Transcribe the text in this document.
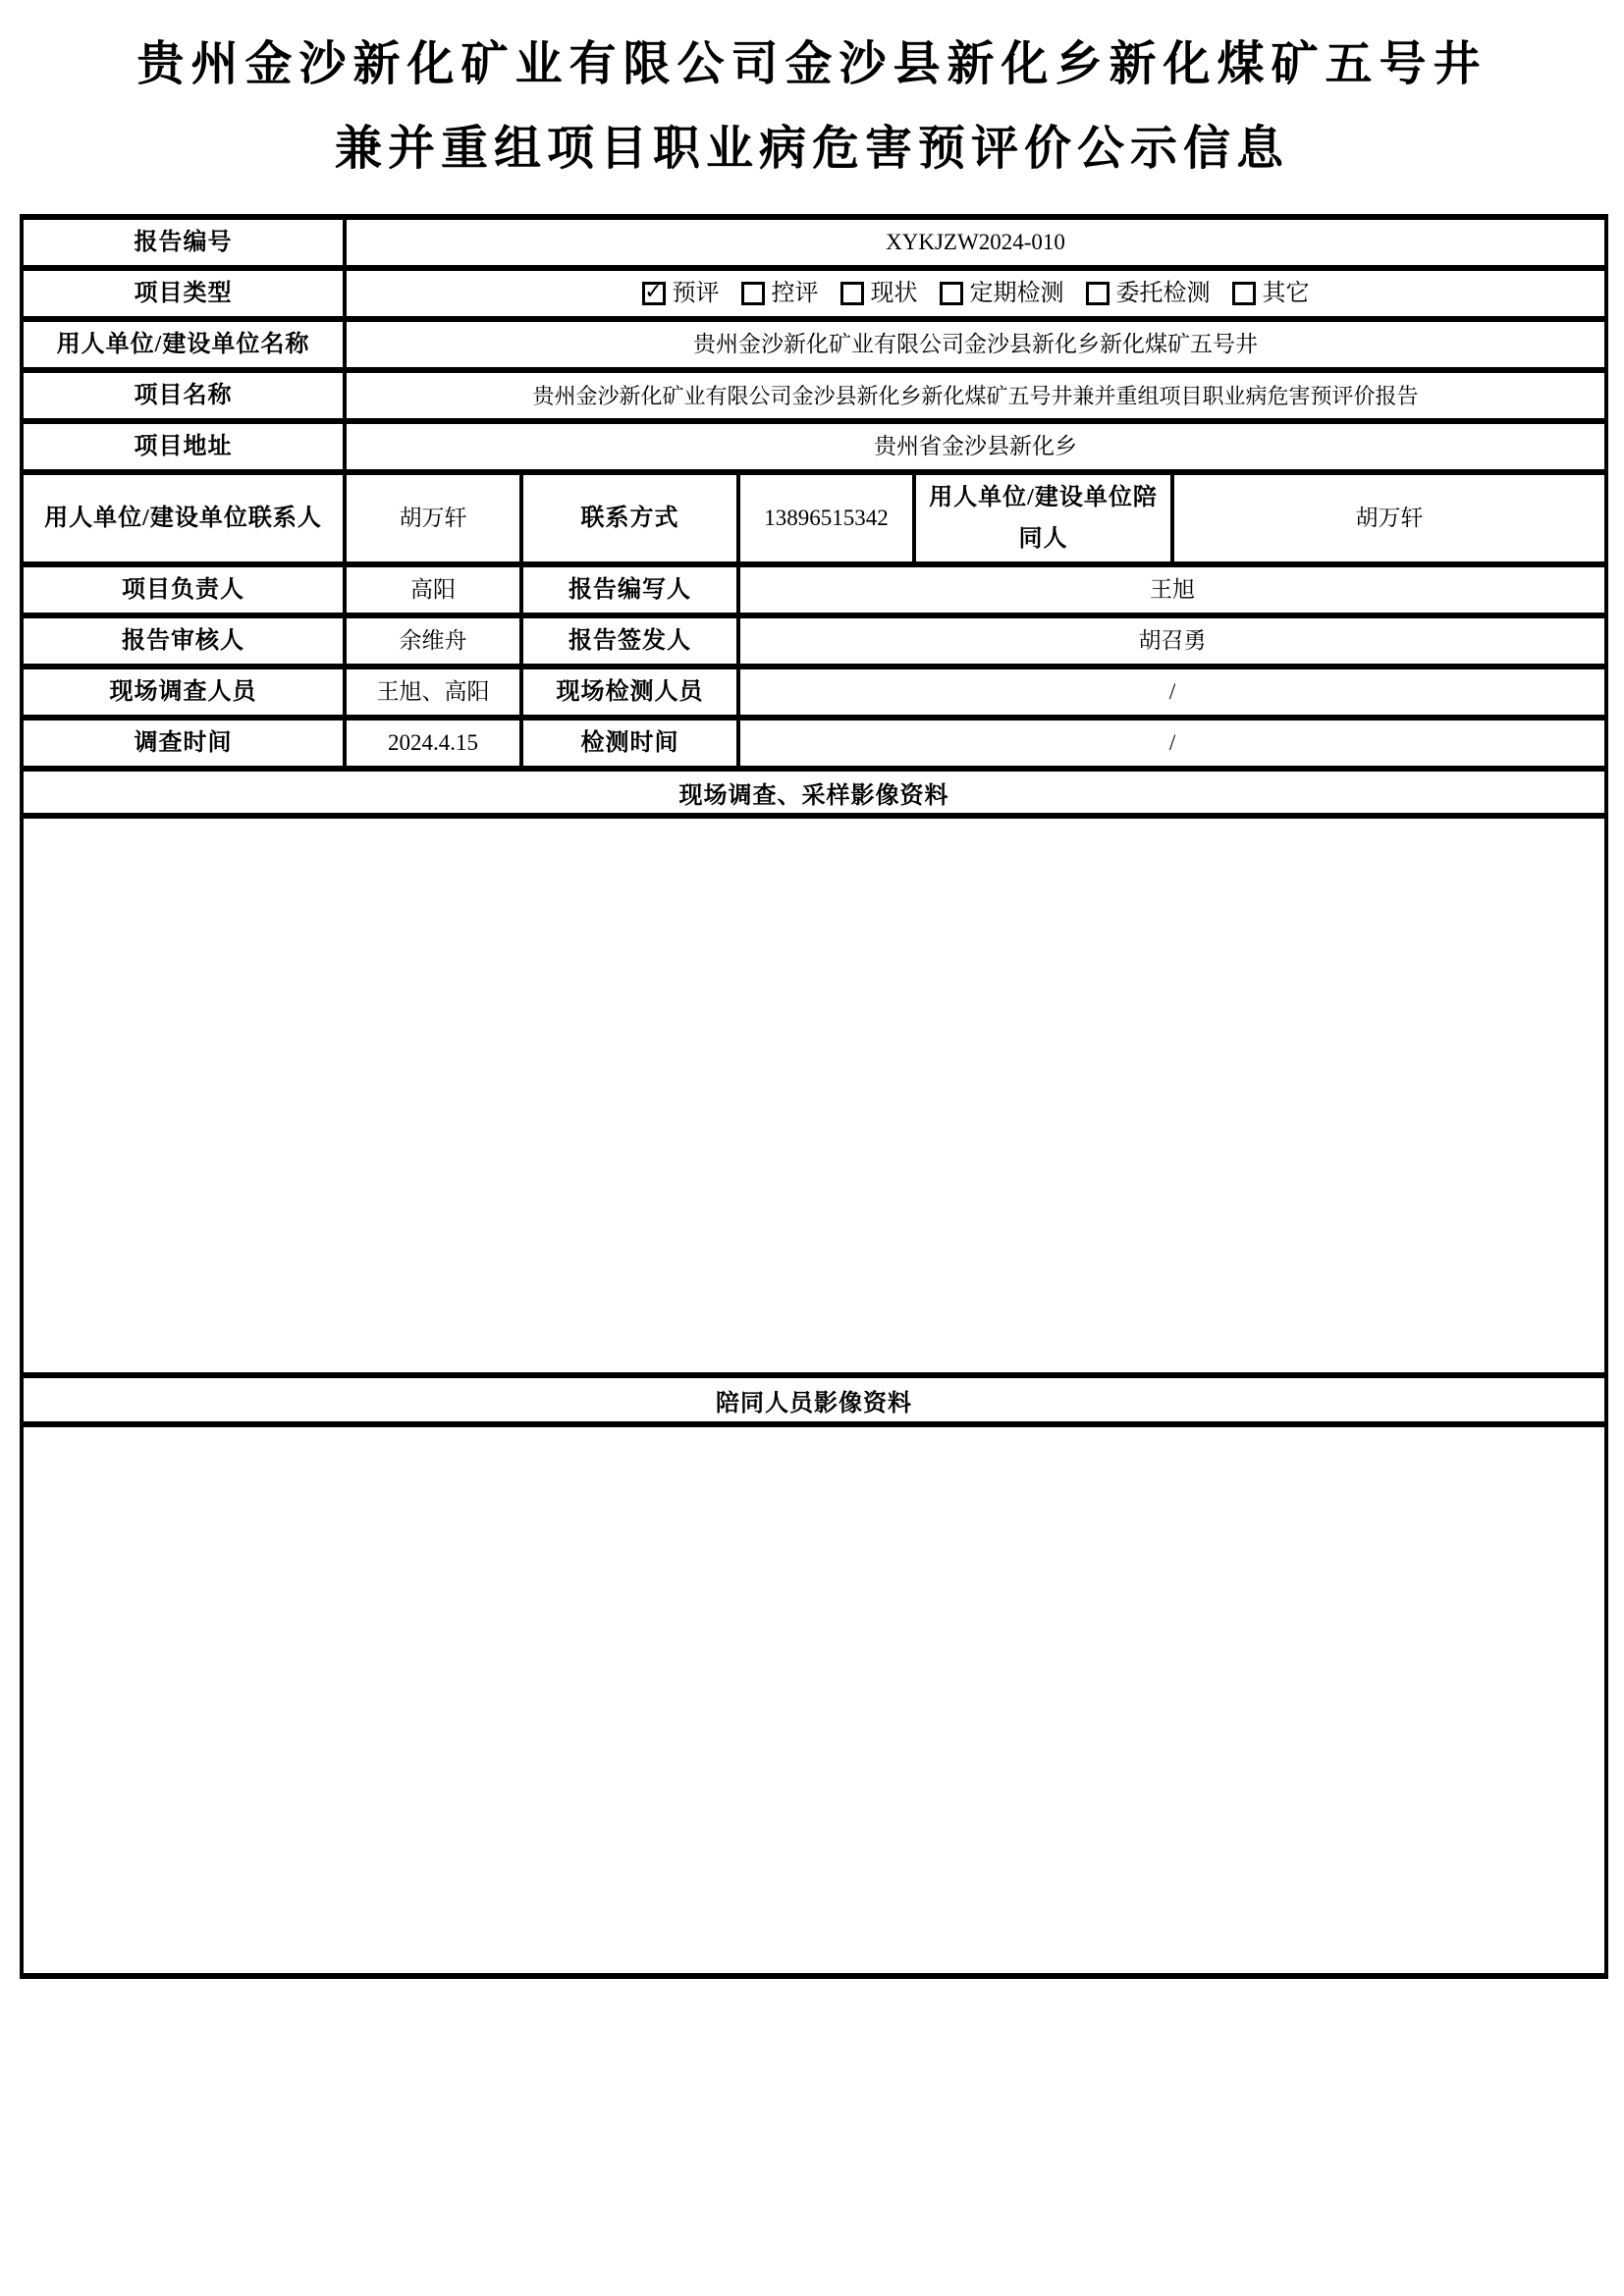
贵州金沙新化矿业有限公司金沙县新化乡新化煤矿五号井
兼并重组项目职业病危害预评价公示信息
报告编号	XYKJZW2024-010				
项目类型	✓ 预评 控评 现状 定期检测 委托检测 其它

用人单位/建设单位名称	贵州金沙新化矿业有限公司金沙县新化乡新化煤矿五号井				
项目名称	贵州金沙新化矿业有限公司金沙县新化乡新化煤矿五号井兼并重组项目职业病危害预评价报告				
项目地址	贵州省金沙县新化乡				
用人单位/建设单位联系人	胡万轩	联系方式	13896515342	用人单位/建设单位陪同人	胡万轩
项目负责人	高阳	报告编写人	王旭		
报告审核人	余维舟	报告签发人	胡召勇		
现场调查人员	王旭、高阳	现场检测人员	/		
调查时间	2024.4.15	检测时间	/		
现场调查、采样影像资料					

陪同人员影像资料					
